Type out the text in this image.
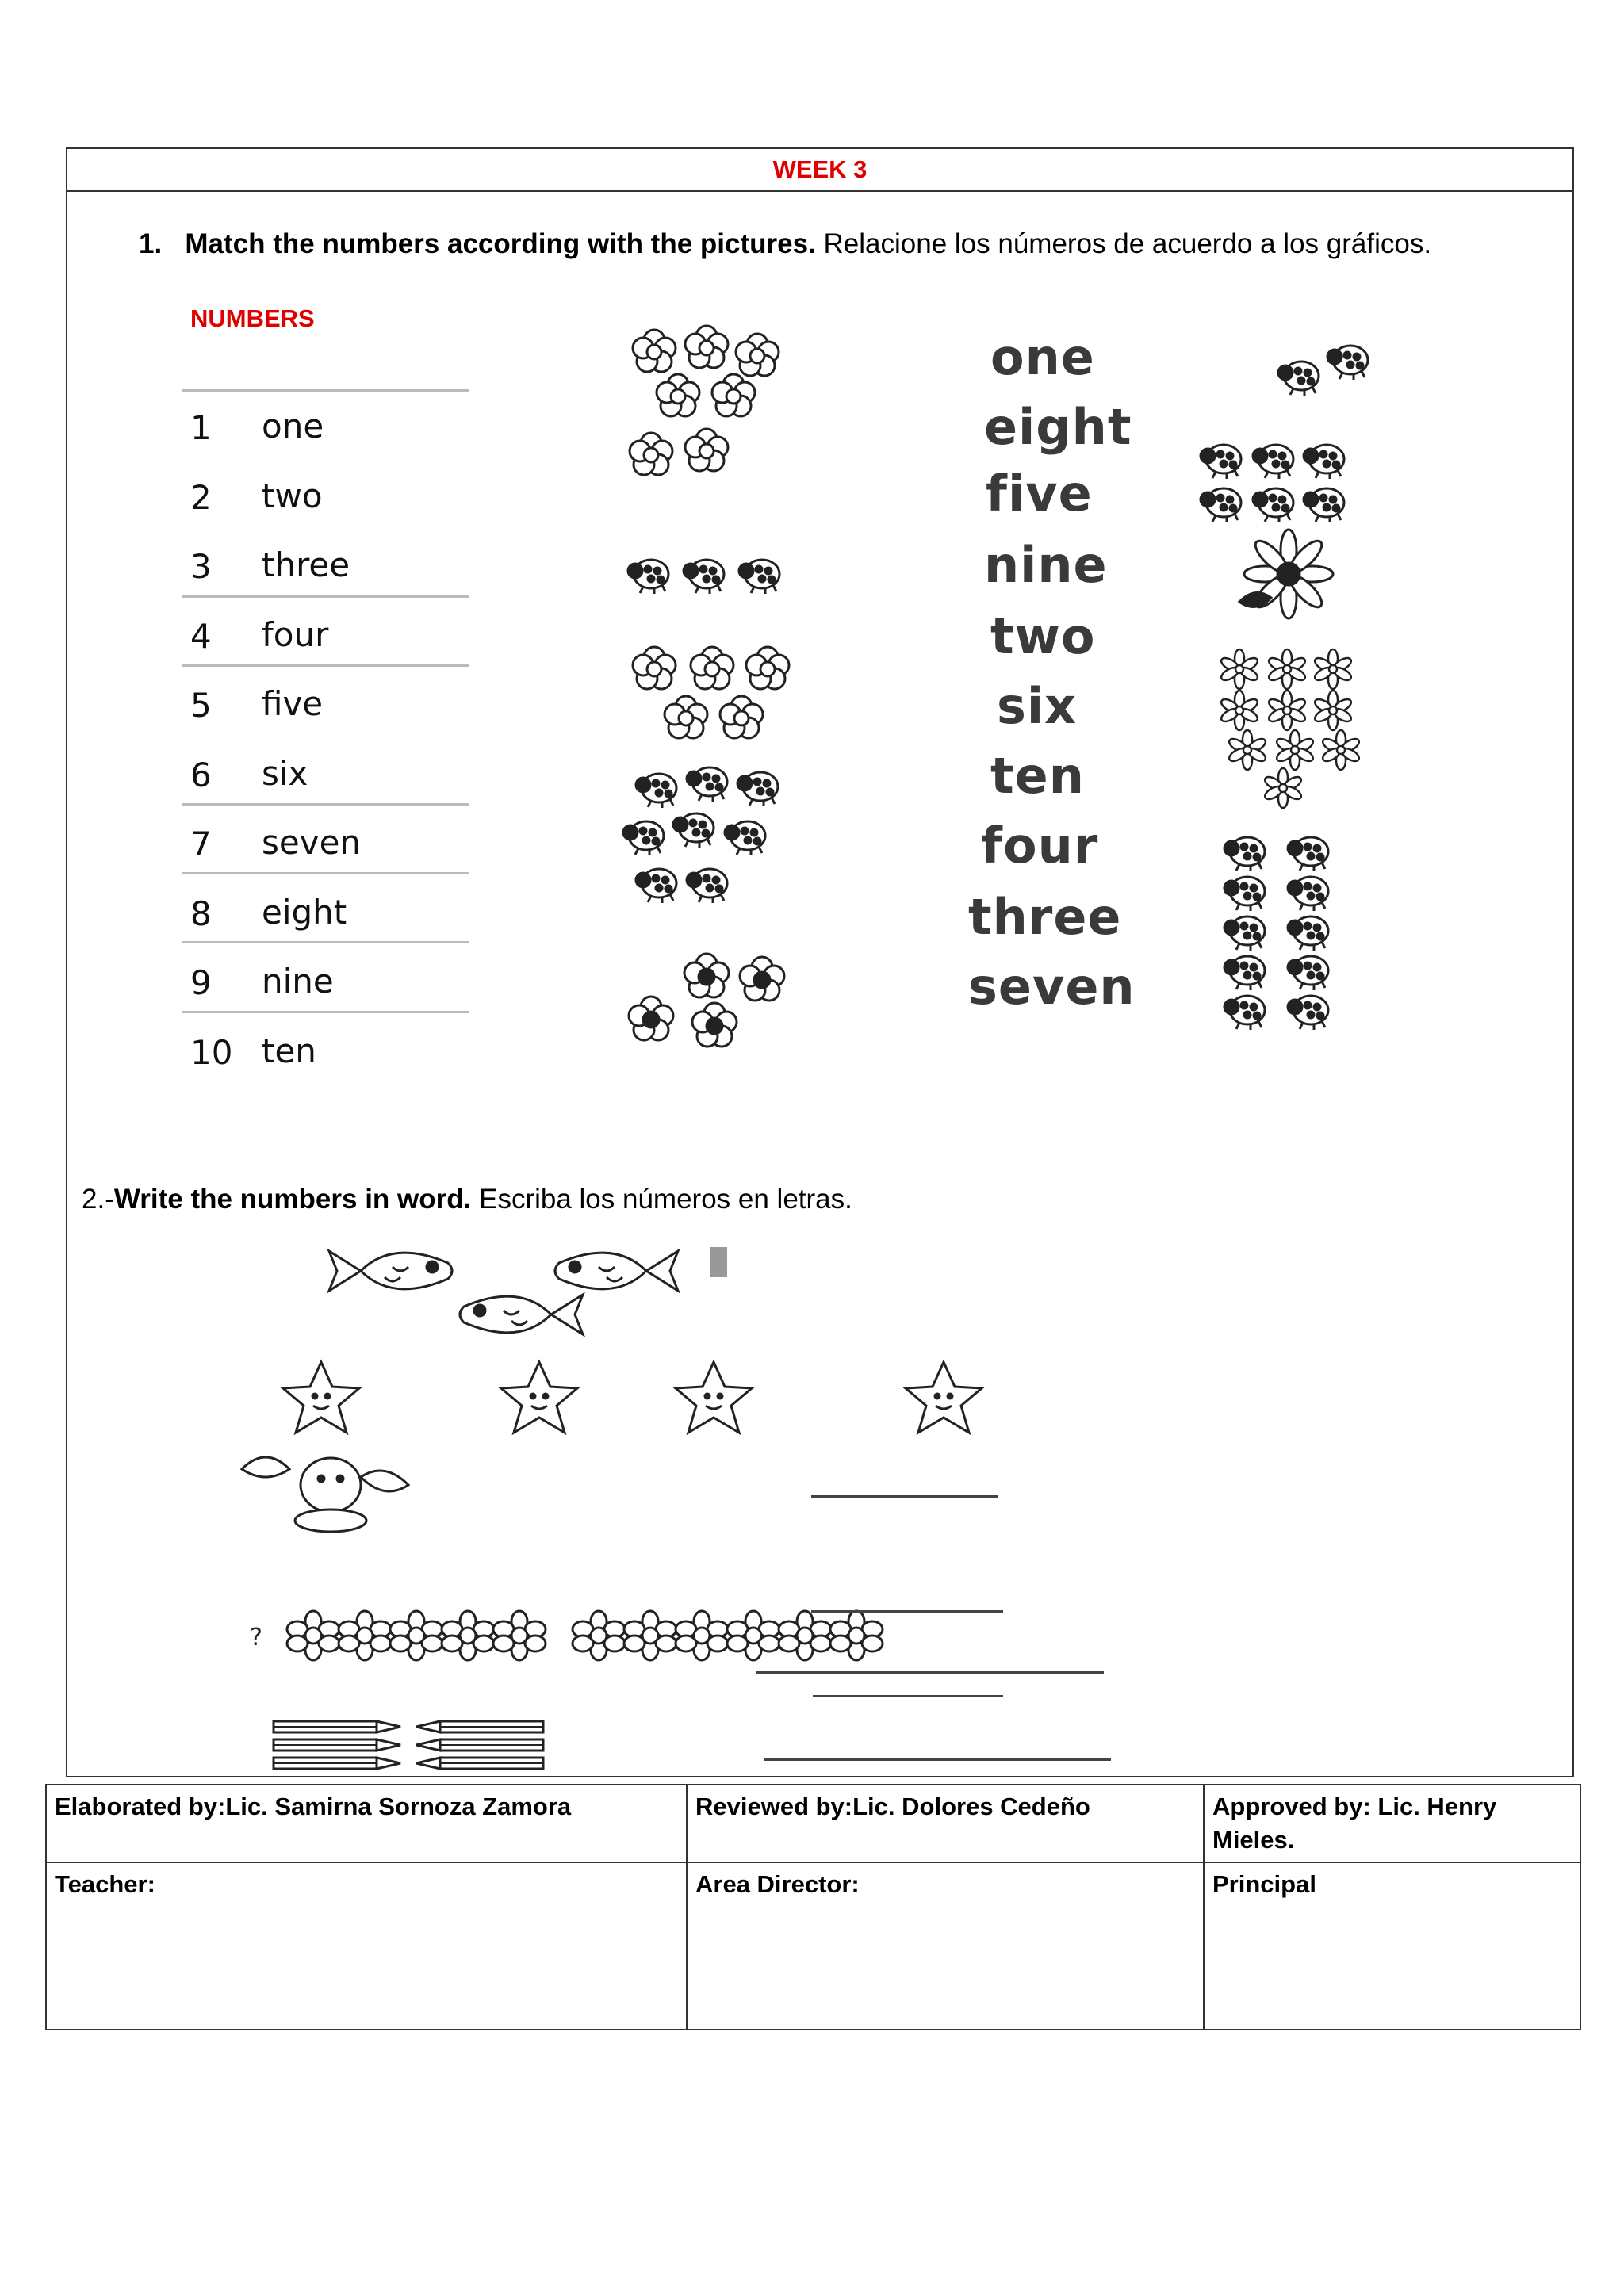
WEEK 3
1. Match the numbers according with the pictures. Relacione los números de acuerdo a los gráficos.
NUMBERS
1 one
2 two
3 three
4 four
5 five
6 six
7 seven
8 eight
9 nine
10 ten
one
eight
five
nine
two
six
ten
four
three
seven
2.-Write the numbers in word. Escriba los números en letras.
?
Elaborated by:Lic. Samirna Sornoza Zamora	Reviewed by:Lic. Dolores Cedeño	Approved by: Lic. Henry Mieles.
Teacher:	Area Director:	Principal
